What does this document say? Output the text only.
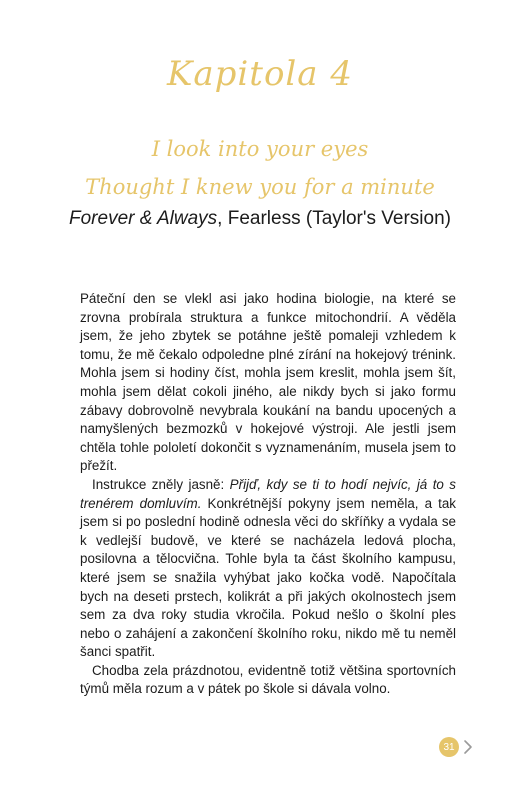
Kapitola 4
I look into your eyes
Thought I knew you for a minute
Forever & Always, Fearless (Taylor's Version)

Páteční den se vlekl asi jako hodina biologie, na které se zrovna probírala struktura a funkce mitochondrií. A věděla jsem, že jeho zbytek se potáhne ještě pomaleji vzhledem k tomu, že mě čekalo odpoledne plné zírání na hokejový trénink. Mohla jsem si hodiny číst, mohla jsem kreslit, mohla jsem šít, mohla jsem dělat cokoli jiného, ale nikdy bych si jako formu zábavy dobrovolně nevybrala koukání na bandu upocených a namyšlených bezmozků v hokejové výstroji. Ale jestli jsem chtěla tohle pololetí dokončit s vyznamenáním, musela jsem to přežít.

Instrukce zněly jasně: Přijď, kdy se ti to hodí nejvíc, já to s trenérem domluvím. Konkrétnější pokyny jsem neměla, a tak jsem si po poslední hodině odnesla věci do skříňky a vydala se k vedlejší budově, ve které se nacházela ledová plocha, posilovna a tělocvična. Tohle byla ta část školního kampusu, které jsem se snažila vyhýbat jako kočka vodě. Napočítala bych na deseti prstech, kolikrát a při jakých okolnostech jsem sem za dva roky studia vkročila. Pokud nešlo o školní ples nebo o zahájení a zakončení školního roku, nikdo mě tu neměl šanci spatřit.

Chodba zela prázdnotou, evidentně totiž většina sportovních týmů měla rozum a v pátek po škole si dávala volno.

31
